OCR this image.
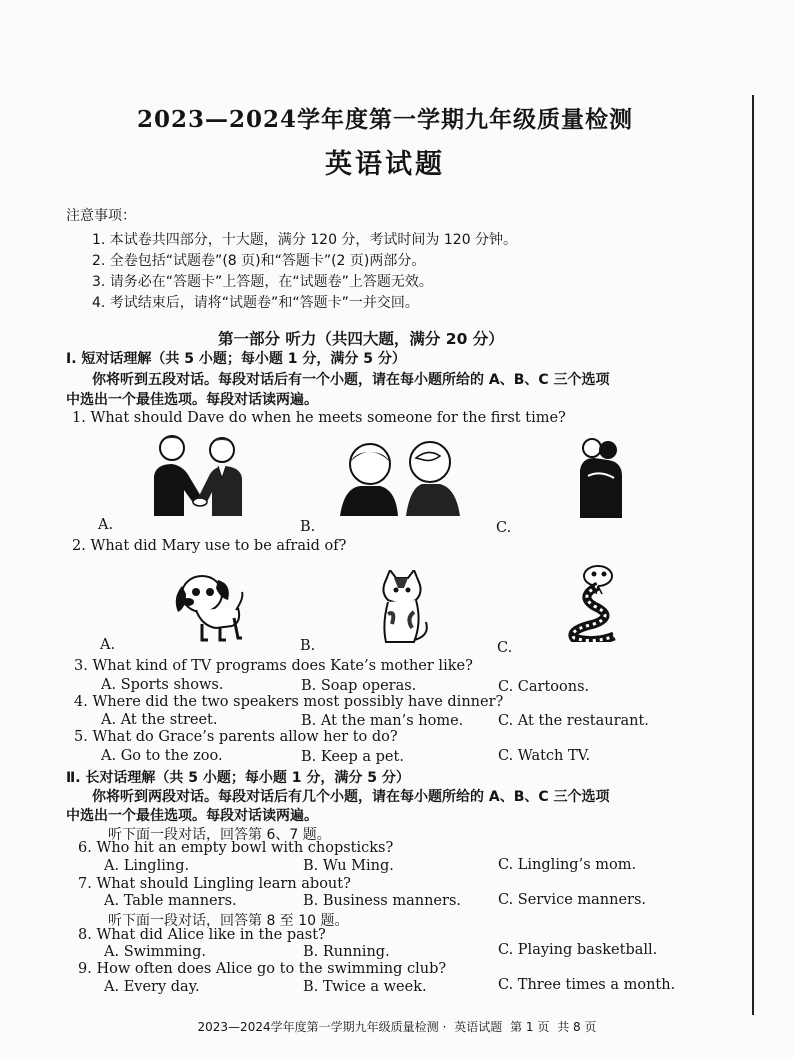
2023—2024学年度第一学期九年级质量检测
英语试题
注意事项：
1. 本试卷共四部分，十大题，满分 120 分，考试时间为 120 分钟。
2. 全卷包括“试题卷”(8 页)和“答题卡”(2 页)两部分。
3. 请务必在“答题卡”上答题，在“试题卷”上答题无效。
4. 考试结束后，请将“试题卷”和“答题卡”一并交回。
第一部分 听力（共四大题，满分 20 分）
Ⅰ. 短对话理解（共 5 小题；每小题 1 分，满分 5 分）
你将听到五段对话。每段对话后有一个小题，请在每小题所给的 A、B、C 三个选项
中选出一个最佳选项。每段对话读两遍。
1. What should Dave do when he meets someone for the first time?
A.	B.	C.
2. What did Mary use to be afraid of?
A.	B.	C.
3. What kind of TV programs does Kate’s mother like?
A. Sports shows.	B. Soap operas.	C. Cartoons.
4. Where did the two speakers most possibly have dinner?
A. At the street.	B. At the man’s home. C. At the restaurant.
5. What do Grace’s parents allow her to do?
A. Go to the zoo.	B. Keep a pet.	C. Watch TV.
Ⅱ. 长对话理解（共 5 小题；每小题 1 分，满分 5 分）
你将听到两段对话。每段对话后有几个小题，请在每小题所给的 A、B、C 三个选项
中选出一个最佳选项。每段对话读两遍。
听下面一段对话，回答第 6、7 题。
6. Who hit an empty bowl with chopsticks?
A. Lingling.	B. Wu Ming.	C. Lingling’s mom.
7. What should Lingling learn about?
A. Table manners.	B. Business manners.	C. Service manners.
听下面一段对话，回答第 8 至 10 题。
8. What did Alice like in the past?
A. Swimming.	B. Running.	C. Playing basketball.
9. How often does Alice go to the swimming club?
A. Every day.	B. Twice a week.	C. Three times a month.
2023—2024学年度第一学期九年级质量检测 · 英语试题 第 1 页 共 8 页
